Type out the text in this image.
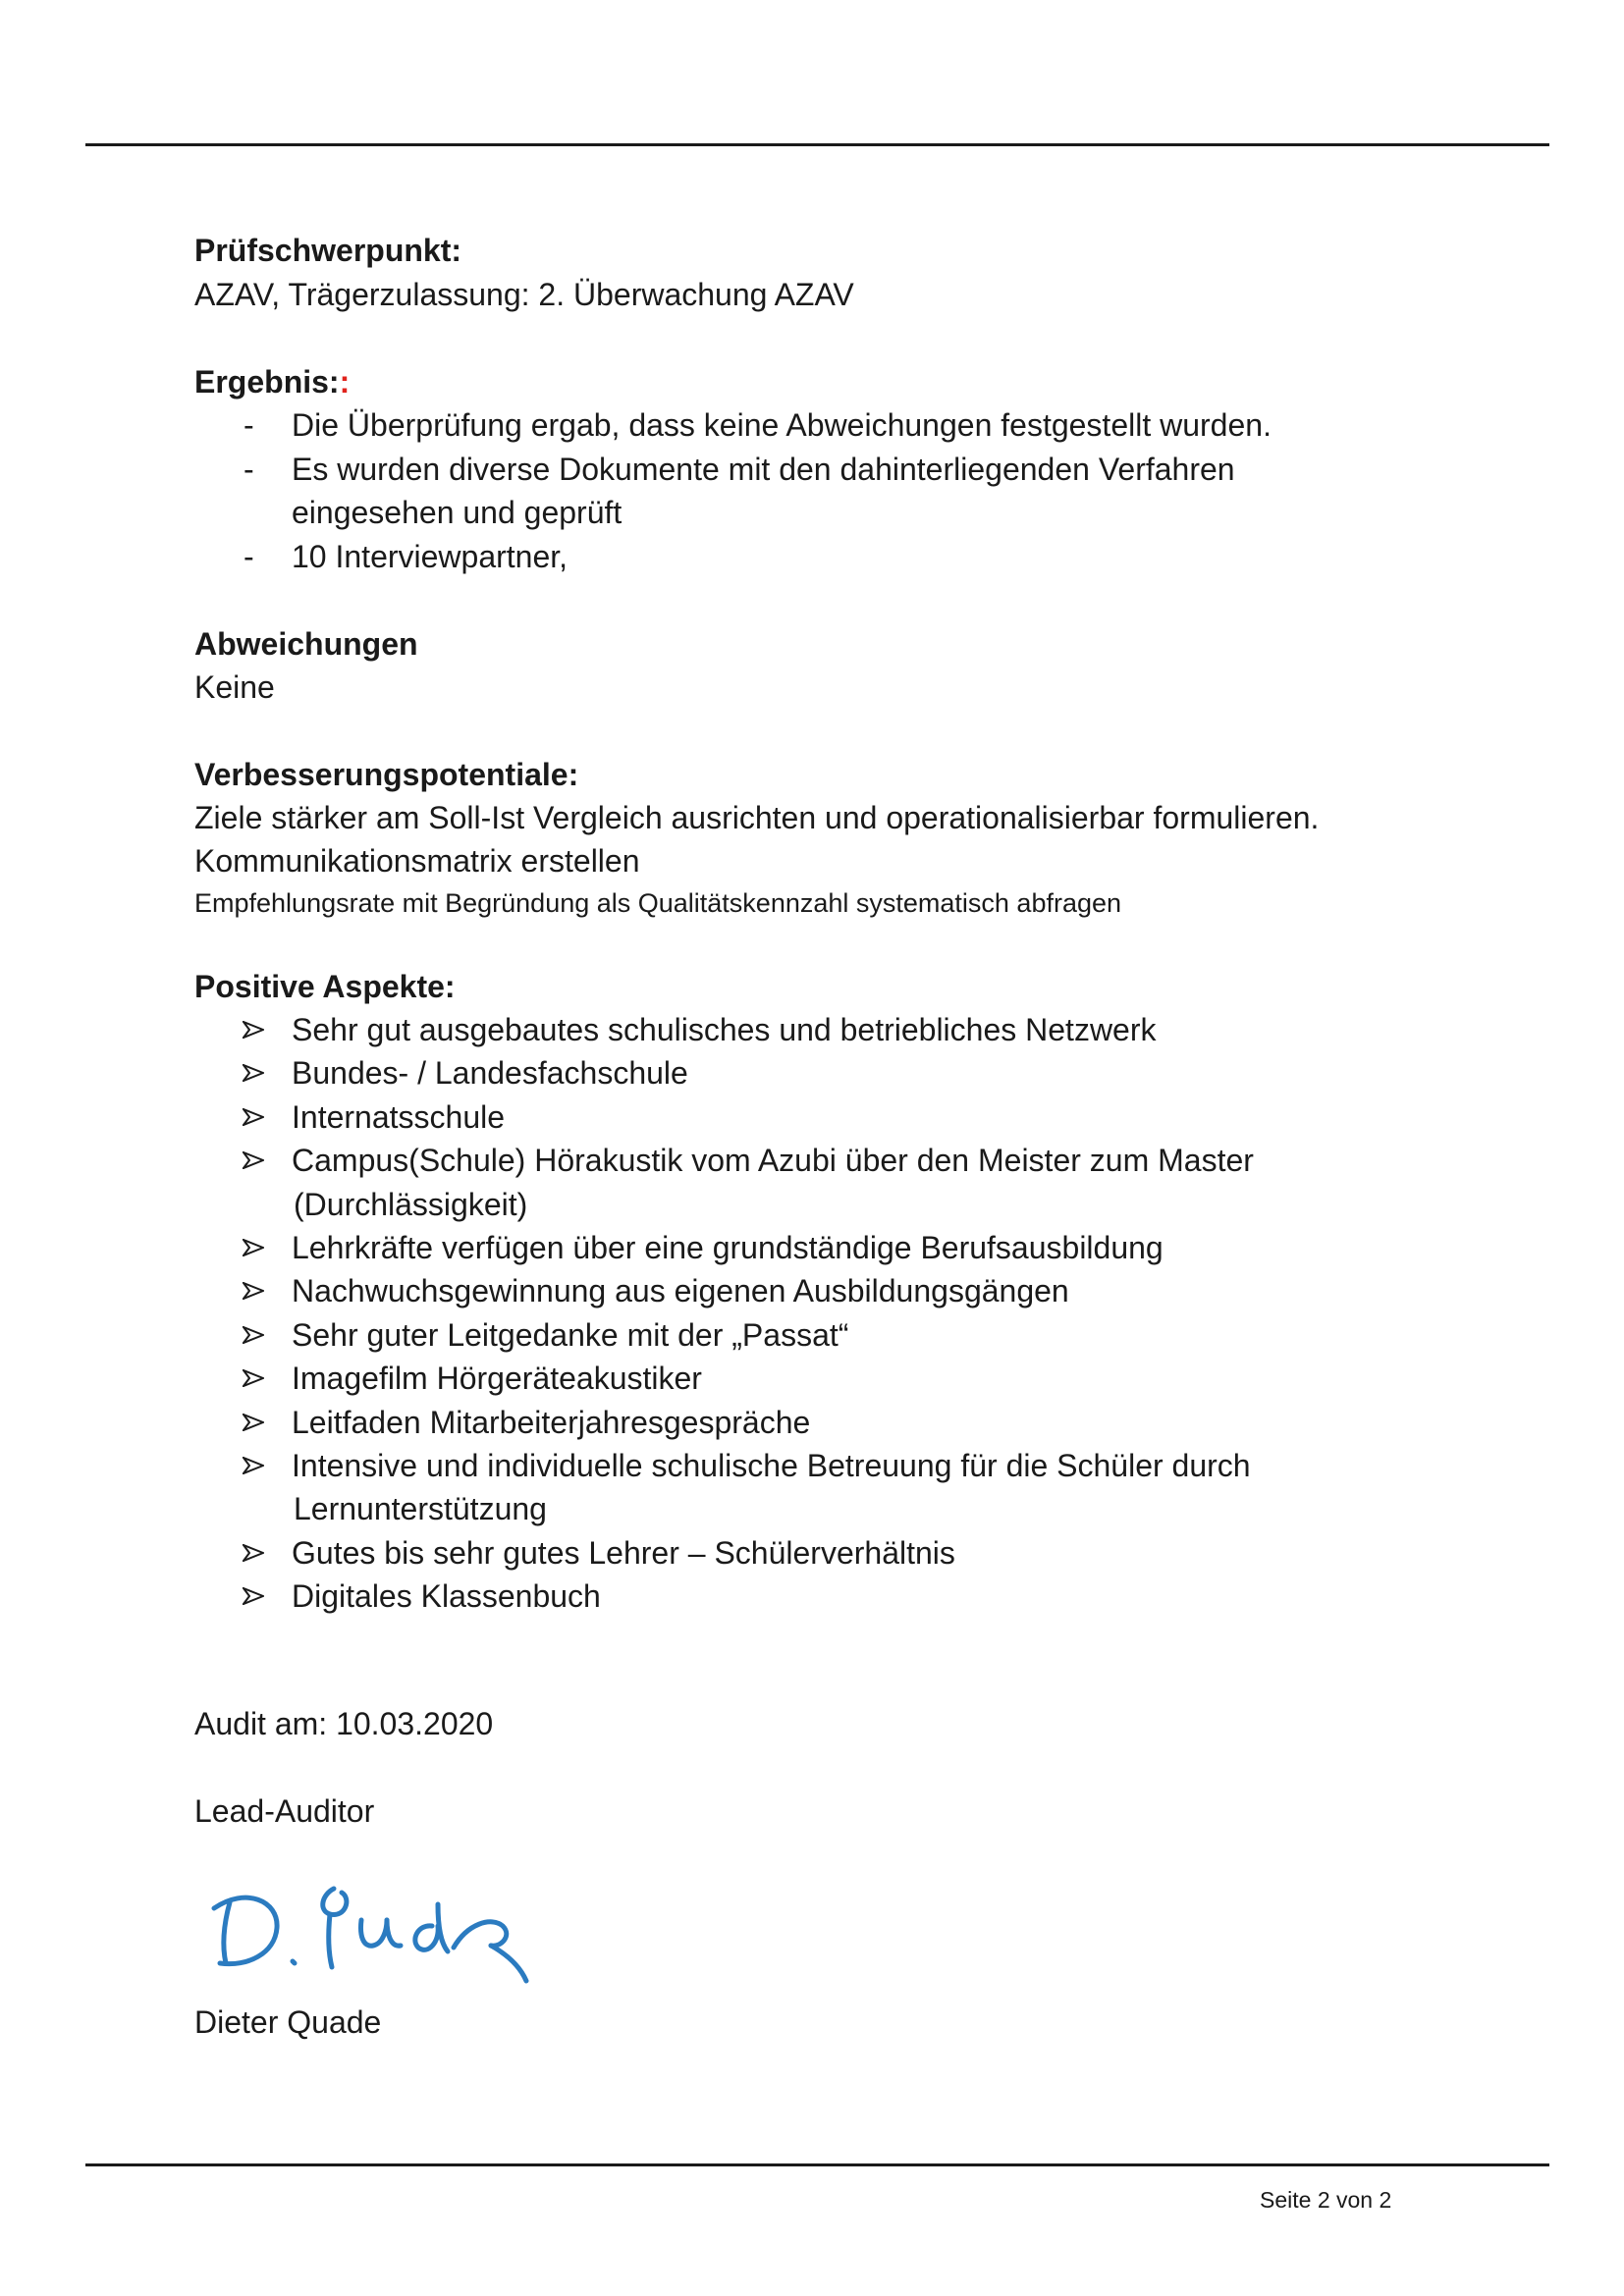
Prüfschwerpunkt:
AZAV, Trägerzulassung: 2. Überwachung AZAV
Ergebnis::
- Die Überprüfung ergab, dass keine Abweichungen festgestellt wurden.
- Es wurden diverse Dokumente mit den dahinterliegenden Verfahren
eingesehen und geprüft
- 10 Interviewpartner,
Abweichungen
Keine
Verbesserungspotentiale:
Ziele stärker am Soll-Ist Vergleich ausrichten und operationalisierbar formulieren.
Kommunikationsmatrix erstellen
Empfehlungsrate mit Begründung als Qualitätskennzahl systematisch abfragen
Positive Aspekte:
Sehr gut ausgebautes schulisches und betriebliches Netzwerk
Bundes- / Landesfachschule
Internatsschule
Campus(Schule) Hörakustik vom Azubi über den Meister zum Master
(Durchlässigkeit)
Lehrkräfte verfügen über eine grundständige Berufsausbildung
Nachwuchsgewinnung aus eigenen Ausbildungsgängen
Sehr guter Leitgedanke mit der „Passat“
Imagefilm Hörgeräteakustiker
Leitfaden Mitarbeiterjahresgespräche
Intensive und individuelle schulische Betreuung für die Schüler durch
Lernunterstützung
Gutes bis sehr gutes Lehrer – Schülerverhältnis
Digitales Klassenbuch
Audit am: 10.03.2020
Lead-Auditor
Dieter Quade
Seite 2 von 2
